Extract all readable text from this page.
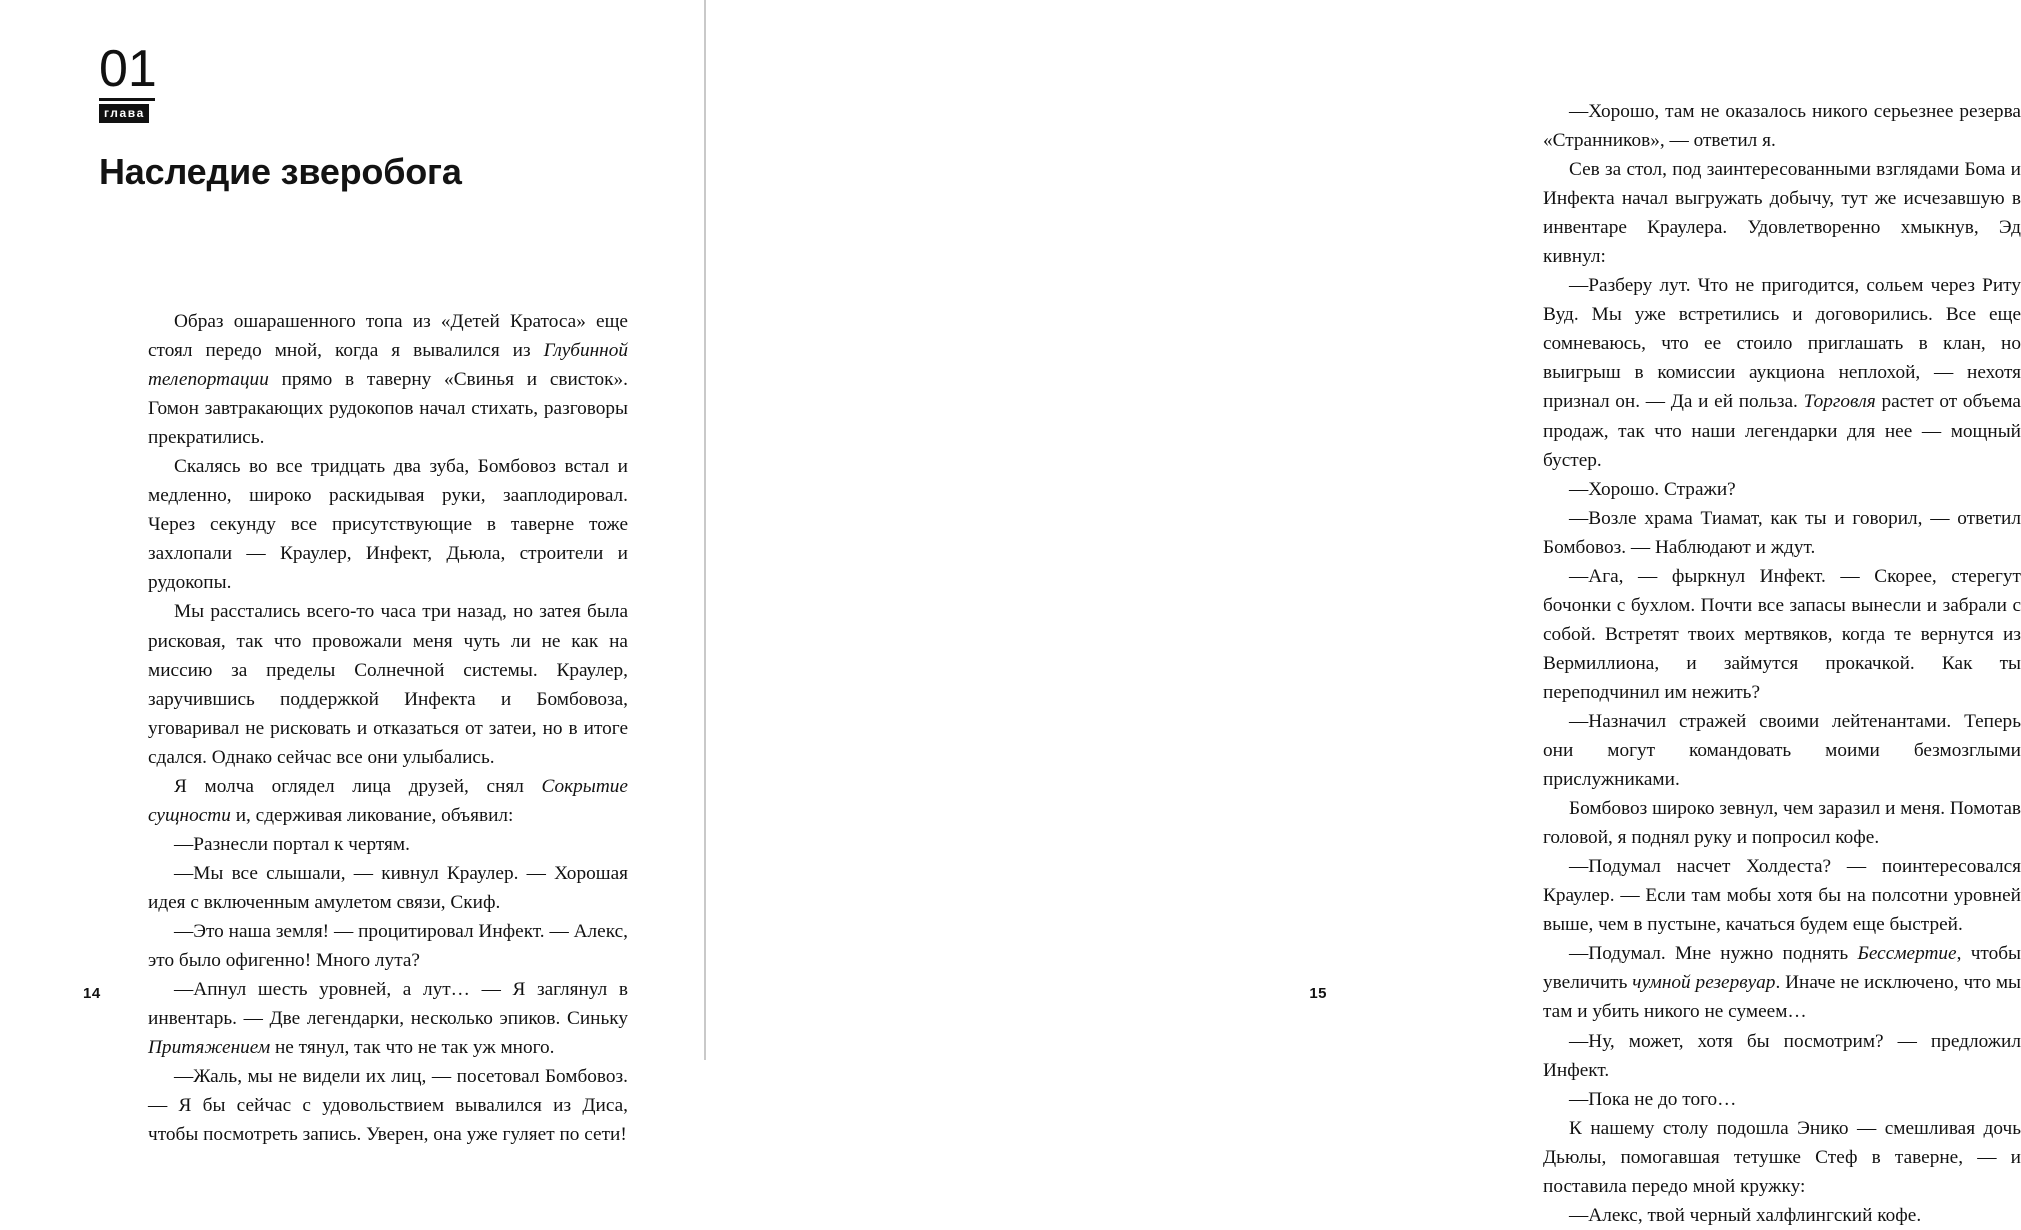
01
глава
Наследие зверобога

Образ ошарашенного топа из «Детей Кратоса» еще стоял передо мной, когда я вывалился из Глубинной телепортации прямо в таверну «Свинья и свисток». Гомон завтракающих рудокопов начал стихать, разговоры прекратились.

Скалясь во все тридцать два зуба, Бомбовоз встал и медленно, широко раскидывая руки, зааплодировал. Через секунду все присутствующие в таверне тоже захлопали — Краулер, Инфект, Дьюла, строители и рудокопы.

Мы расстались всего-то часа три назад, но затея была рисковая, так что провожали меня чуть ли не как на миссию за пределы Солнечной системы. Краулер, заручившись поддержкой Инфекта и Бомбовоза, уговаривал не рисковать и отказаться от затеи, но в итоге сдался. Однако сейчас все они улыбались.

Я молча оглядел лица друзей, снял Сокрытие сущности и, сдерживая ликование, объявил:

—Разнесли портал к чертям.

—Мы все слышали, — кивнул Краулер. — Хорошая идея с включенным амулетом связи, Скиф.

—Это наша земля! — процитировал Инфект. — Алекс, это было офигенно! Много лута?

—Апнул шесть уровней, а лут… — Я заглянул в инвентарь. — Две легендарки, несколько эпиков. Синьку Притяжением не тянул, так что не так уж много.

—Жаль, мы не видели их лиц, — посетовал Бомбовоз. — Я бы сейчас с удовольствием вывалился из Диса, чтобы посмотреть запись. Уверен, она уже гуляет по сети!

14

—Хорошо, там не оказалось никого серьезнее резерва «Странников», — ответил я.

Сев за стол, под заинтересованными взглядами Бома и Инфекта начал выгружать добычу, тут же исчезавшую в инвентаре Краулера. Удовлетворенно хмыкнув, Эд кивнул:

—Разберу лут. Что не пригодится, сольем через Риту Вуд. Мы уже встретились и договорились. Все еще сомневаюсь, что ее стоило приглашать в клан, но выигрыш в комиссии аукциона неплохой, — нехотя признал он. — Да и ей польза. Торговля растет от объема продаж, так что наши легендарки для нее — мощный бустер.

—Хорошо. Стражи?

—Возле храма Тиамат, как ты и говорил, — ответил Бомбовоз. — Наблюдают и ждут.

—Ага, — фыркнул Инфект. — Скорее, стерегут бочонки с бухлом. Почти все запасы вынесли и забрали с собой. Встретят твоих мертвяков, когда те вернутся из Вермиллиона, и займутся прокачкой. Как ты переподчинил им нежить?

—Назначил стражей своими лейтенантами. Теперь они могут командовать моими безмозглыми прислужниками.

Бомбовоз широко зевнул, чем заразил и меня. Помотав головой, я поднял руку и попросил кофе.

—Подумал насчет Холдеста? — поинтересовался Краулер. — Если там мобы хотя бы на полсотни уровней выше, чем в пустыне, качаться будем еще быстрей.

—Подумал. Мне нужно поднять Бессмертие, чтобы увеличить чумной резервуар. Иначе не исключено, что мы там и убить никого не сумеем…

—Ну, может, хотя бы посмотрим? — предложил Инфект.

—Пока не до того…

К нашему столу подошла Энико — смешливая дочь Дьюлы, помогавшая тетушке Стеф в таверне, — и поставила передо мной кружку:

—Алекс, твой черный халфлингский кофе.

15
